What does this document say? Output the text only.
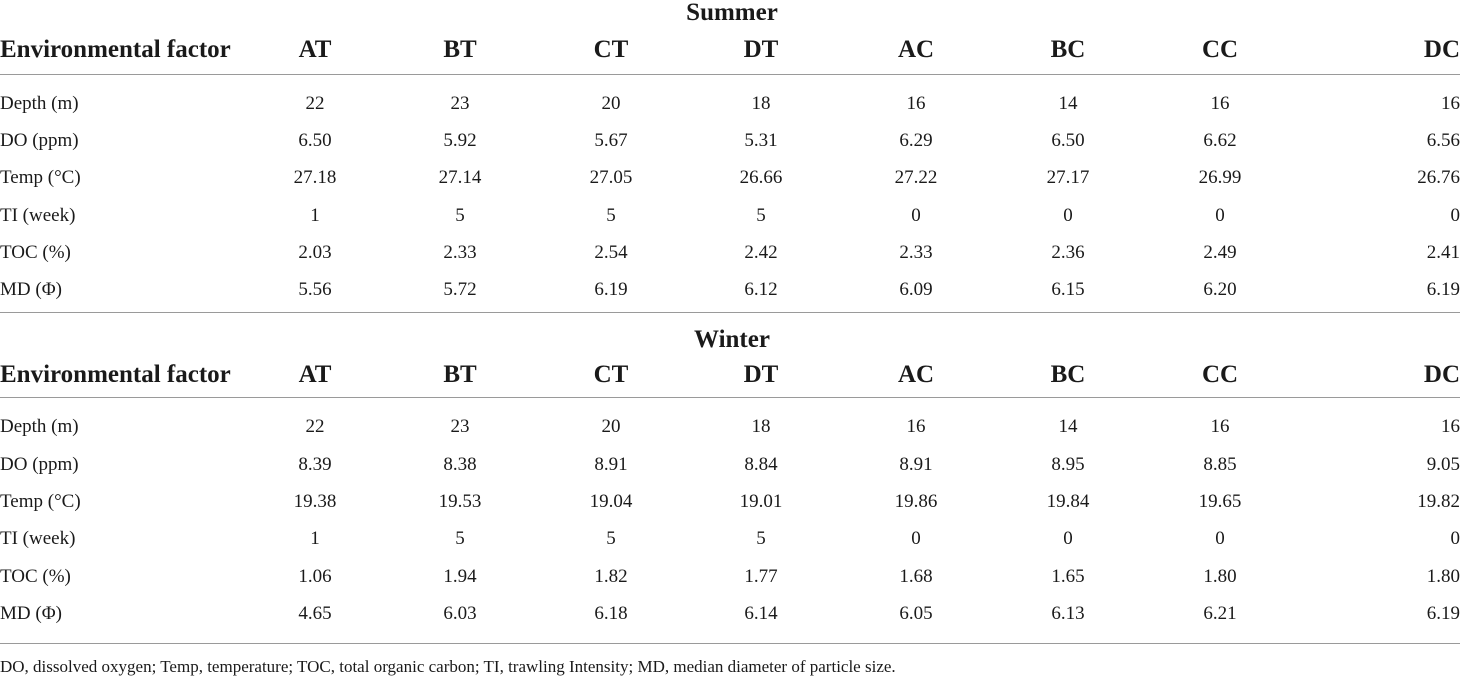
Summer
Environmental factor	AT	BT	CT	DT	AC	BC	CC	DC
Depth (m)	22	23	20	18	16	14	16	16
DO (ppm)	6.50	5.92	5.67	5.31	6.29	6.50	6.62	6.56
Temp (°C)	27.18	27.14	27.05	26.66	27.22	27.17	26.99	26.76
TI (week)	1	5	5	5	0	0	0	0
TOC (%)	2.03	2.33	2.54	2.42	2.33	2.36	2.49	2.41
MD (Φ)	5.56	5.72	6.19	6.12	6.09	6.15	6.20	6.19
Winter
Environmental factor	AT	BT	CT	DT	AC	BC	CC	DC
Depth (m)	22	23	20	18	16	14	16	16
DO (ppm)	8.39	8.38	8.91	8.84	8.91	8.95	8.85	9.05
Temp (°C)	19.38	19.53	19.04	19.01	19.86	19.84	19.65	19.82
TI (week)	1	5	5	5	0	0	0	0
TOC (%)	1.06	1.94	1.82	1.77	1.68	1.65	1.80	1.80
MD (Φ)	4.65	6.03	6.18	6.14	6.05	6.13	6.21	6.19
DO, dissolved oxygen; Temp, temperature; TOC, total organic carbon; TI, trawling Intensity; MD, median diameter of particle size.
